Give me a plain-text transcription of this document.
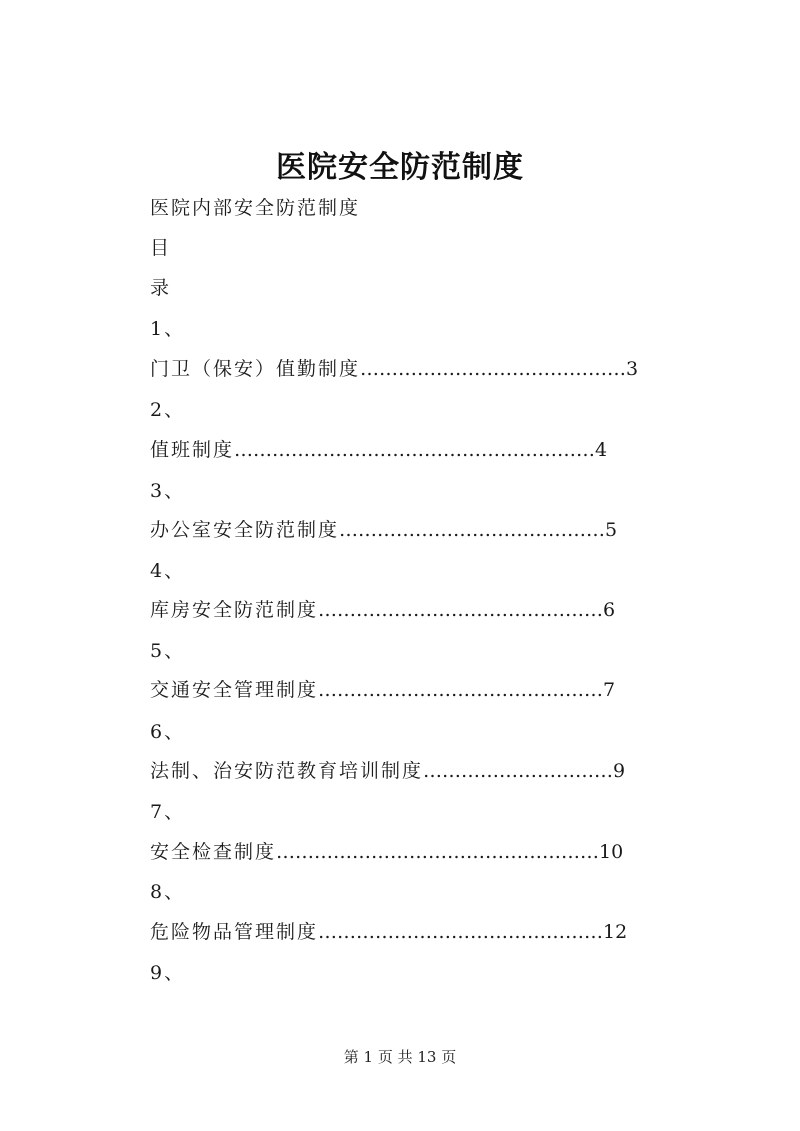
医院安全防范制度
医院内部安全防范制度
目
录
1、
门卫（保安）值勤制度……………………………………3
2、
值班制度…………………………………………………4
3、
办公室安全防范制度……………………………………5
4、
库房安全防范制度………………………………………6
5、
交通安全管理制度………………………………………7
6、
法制、治安防范教育培训制度…………………………9
7、
安全检查制度……………………………………………10
8、
危险物品管理制度………………………………………12
9、
第 1 页 共 13 页
